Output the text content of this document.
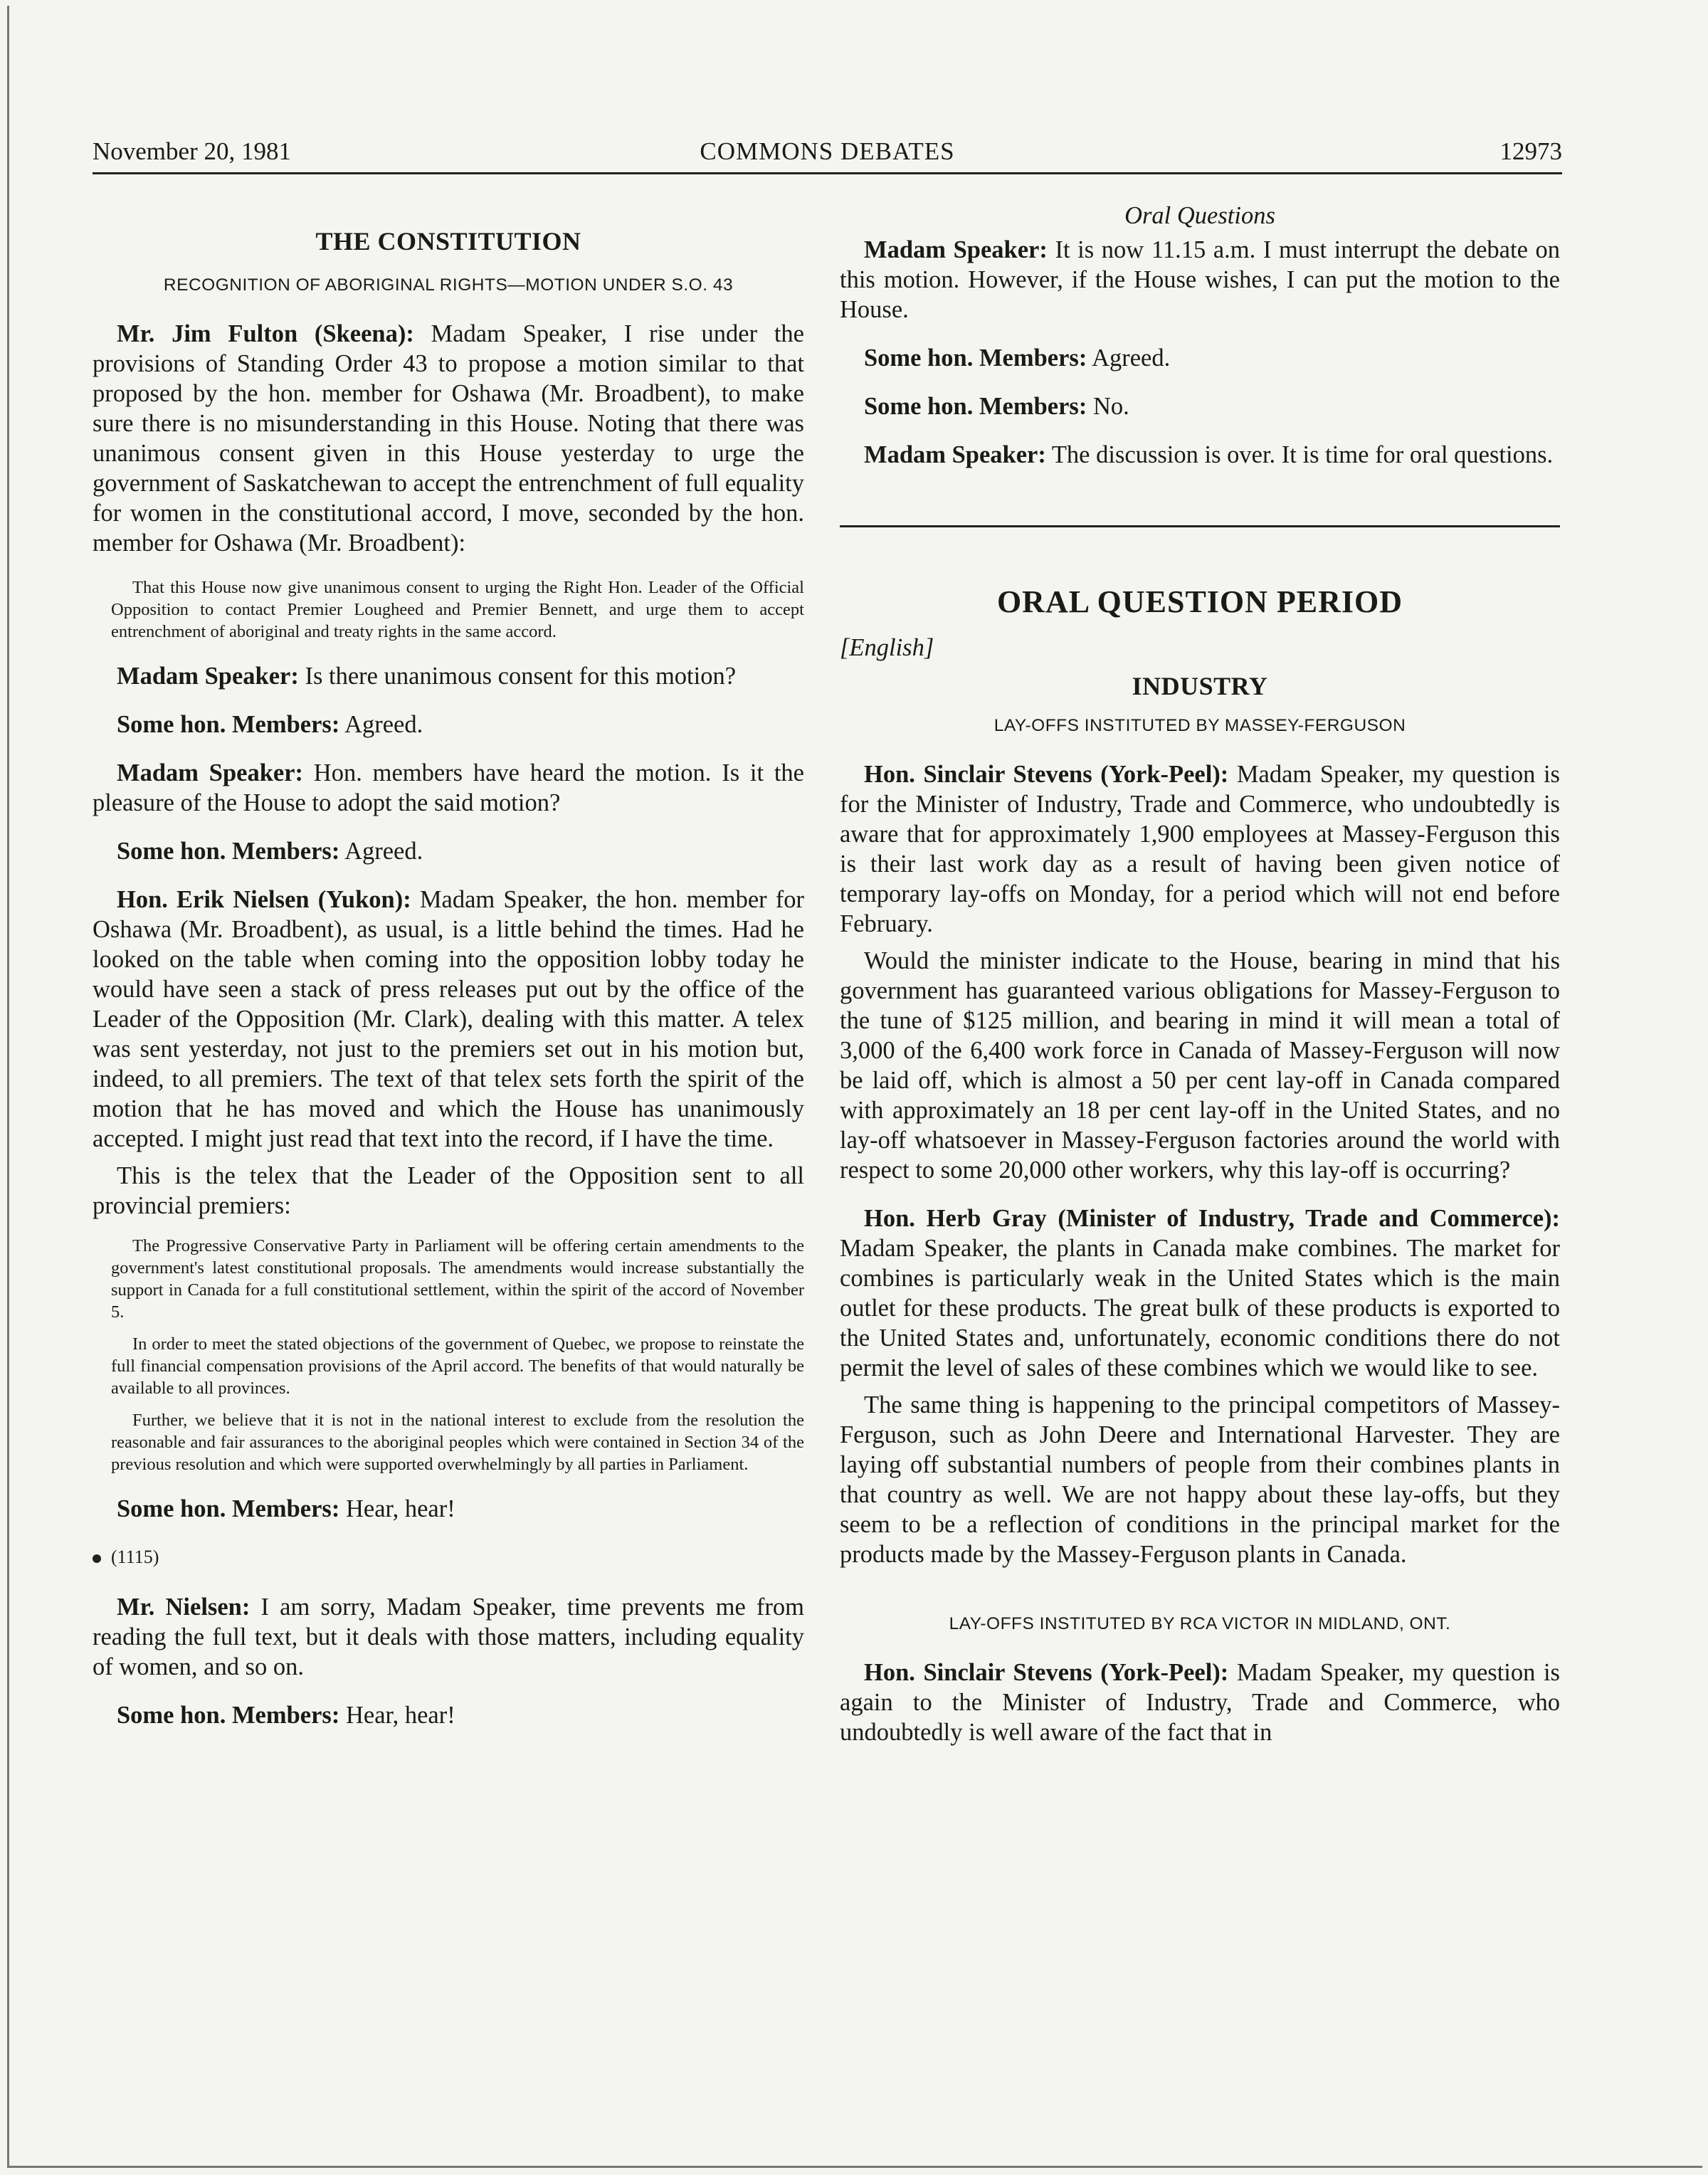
November 20, 1981	COMMONS DEBATES	12973
THE CONSTITUTION
RECOGNITION OF ABORIGINAL RIGHTS—MOTION UNDER S.O. 43

Mr. Jim Fulton (Skeena): Madam Speaker, I rise under the provisions of Standing Order 43 to propose a motion similar to that proposed by the hon. member for Oshawa (Mr. Broadbent), to make sure there is no misunderstanding in this House. Noting that there was unanimous consent given in this House yesterday to urge the government of Saskatchewan to accept the entrenchment of full equality for women in the constitutional accord, I move, seconded by the hon. member for Oshawa (Mr. Broadbent):

That this House now give unanimous consent to urging the Right Hon. Leader of the Official Opposition to contact Premier Lougheed and Premier Bennett, and urge them to accept entrenchment of aboriginal and treaty rights in the same accord.

Madam Speaker: Is there unanimous consent for this motion?

Some hon. Members: Agreed.

Madam Speaker: Hon. members have heard the motion. Is it the pleasure of the House to adopt the said motion?

Some hon. Members: Agreed.

Hon. Erik Nielsen (Yukon): Madam Speaker, the hon. member for Oshawa (Mr. Broadbent), as usual, is a little behind the times. Had he looked on the table when coming into the opposition lobby today he would have seen a stack of press releases put out by the office of the Leader of the Opposition (Mr. Clark), dealing with this matter. A telex was sent yesterday, not just to the premiers set out in his motion but, indeed, to all premiers. The text of that telex sets forth the spirit of the motion that he has moved and which the House has unanimously accepted. I might just read that text into the record, if I have the time.

This is the telex that the Leader of the Opposition sent to all provincial premiers:

The Progressive Conservative Party in Parliament will be offering certain amendments to the government's latest constitutional proposals. The amendments would increase substantially the support in Canada for a full constitutional settlement, within the spirit of the accord of November 5.
In order to meet the stated objections of the government of Quebec, we propose to reinstate the full financial compensation provisions of the April accord. The benefits of that would naturally be available to all provinces.
Further, we believe that it is not in the national interest to exclude from the resolution the reasonable and fair assurances to the aboriginal peoples which were contained in Section 34 of the previous resolution and which were supported overwhelmingly by all parties in Parliament.

Some hon. Members: Hear, hear!

(1115)

Mr. Nielsen: I am sorry, Madam Speaker, time prevents me from reading the full text, but it deals with those matters, including equality of women, and so on.

Some hon. Members: Hear, hear!

Oral Questions

Madam Speaker: It is now 11.15 a.m. I must interrupt the debate on this motion. However, if the House wishes, I can put the motion to the House.

Some hon. Members: Agreed.

Some hon. Members: No.

Madam Speaker: The discussion is over. It is time for oral questions.

ORAL QUESTION PERIOD

[English]

INDUSTRY
LAY-OFFS INSTITUTED BY MASSEY-FERGUSON

Hon. Sinclair Stevens (York-Peel): Madam Speaker, my question is for the Minister of Industry, Trade and Commerce, who undoubtedly is aware that for approximately 1,900 employees at Massey-Ferguson this is their last work day as a result of having been given notice of temporary lay-offs on Monday, for a period which will not end before February.

Would the minister indicate to the House, bearing in mind that his government has guaranteed various obligations for Massey-Ferguson to the tune of $125 million, and bearing in mind it will mean a total of 3,000 of the 6,400 work force in Canada of Massey-Ferguson will now be laid off, which is almost a 50 per cent lay-off in Canada compared with approximately an 18 per cent lay-off in the United States, and no lay-off whatsoever in Massey-Ferguson factories around the world with respect to some 20,000 other workers, why this lay-off is occurring?

Hon. Herb Gray (Minister of Industry, Trade and Commerce): Madam Speaker, the plants in Canada make combines. The market for combines is particularly weak in the United States which is the main outlet for these products. The great bulk of these products is exported to the United States and, unfortunately, economic conditions there do not permit the level of sales of these combines which we would like to see.

The same thing is happening to the principal competitors of Massey-Ferguson, such as John Deere and International Harvester. They are laying off substantial numbers of people from their combines plants in that country as well. We are not happy about these lay-offs, but they seem to be a reflection of conditions in the principal market for the products made by the Massey-Ferguson plants in Canada.

LAY-OFFS INSTITUTED BY RCA VICTOR IN MIDLAND, ONT.

Hon. Sinclair Stevens (York-Peel): Madam Speaker, my question is again to the Minister of Industry, Trade and Commerce, who undoubtedly is well aware of the fact that in
